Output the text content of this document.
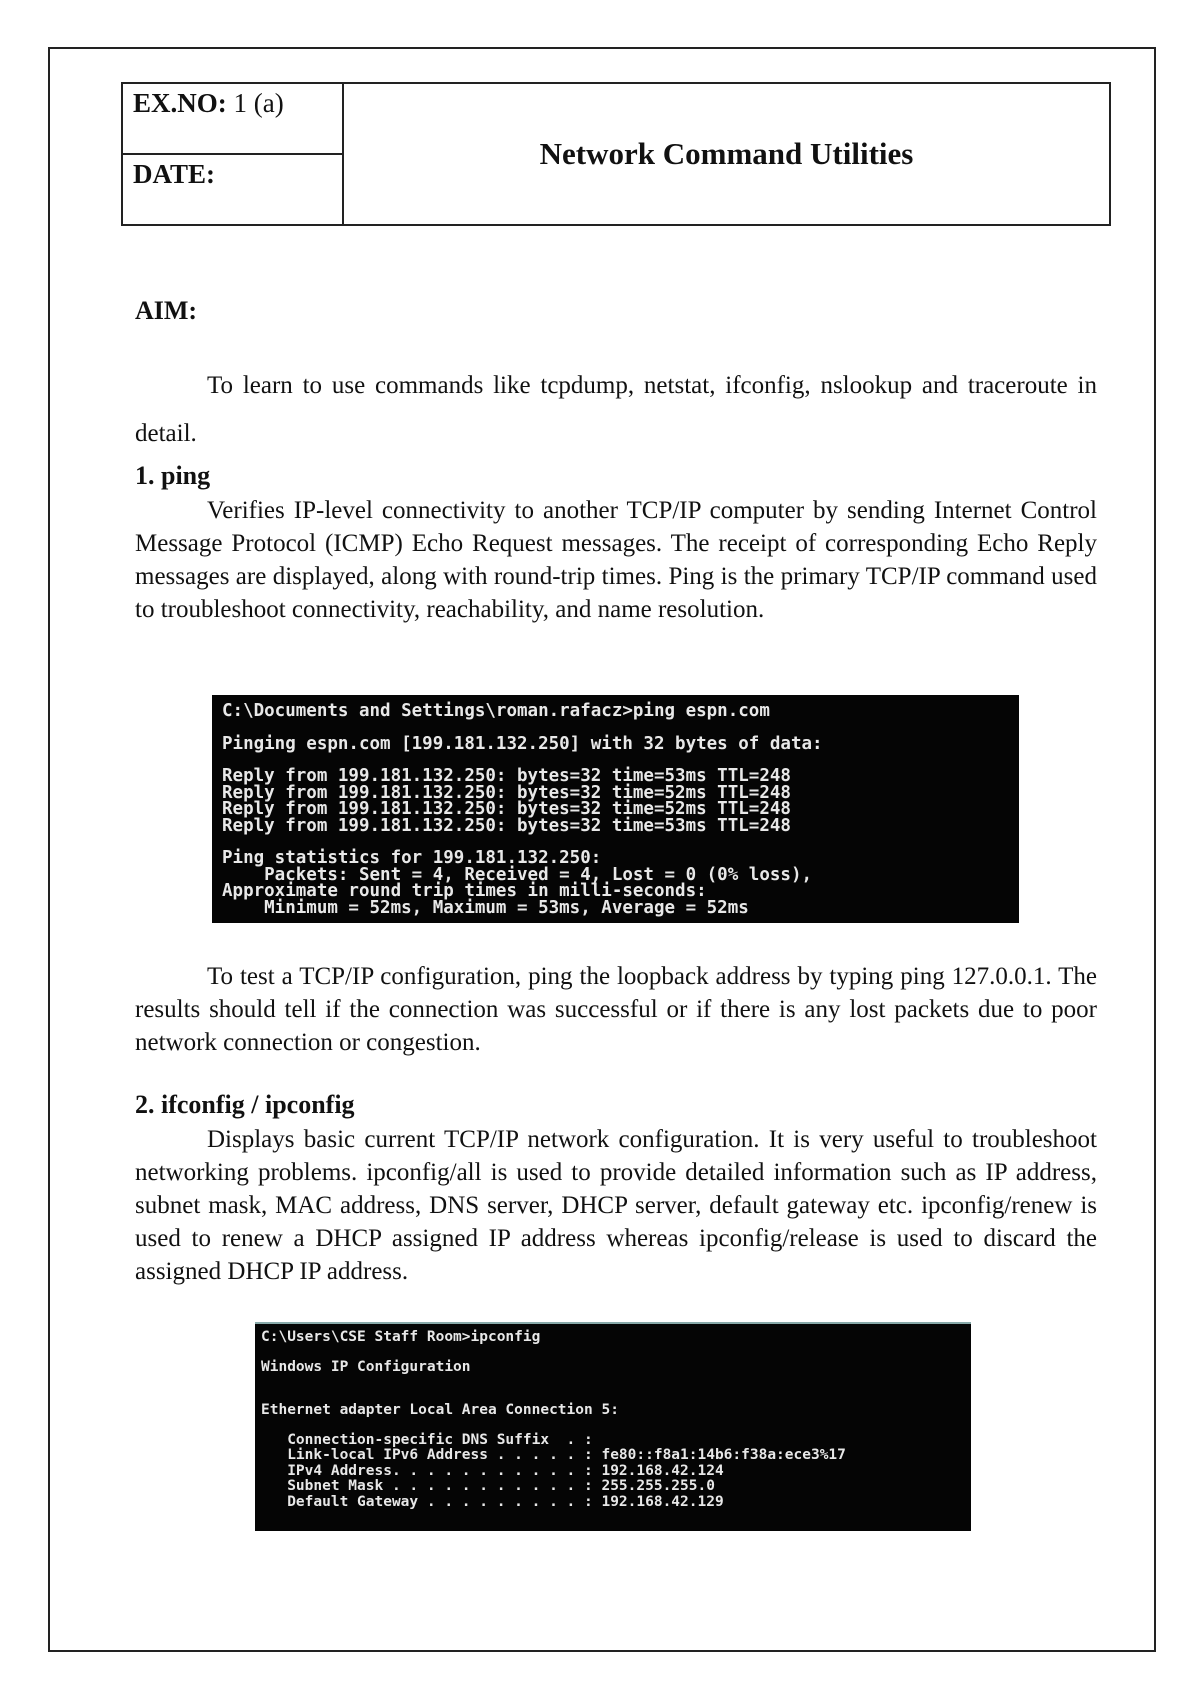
EX.NO: 1 (a)
DATE:
Network Command Utilities
AIM:

To learn to use commands like tcpdump, netstat, ifconfig, nslookup and traceroute in detail.

1. ping

Verifies IP-level connectivity to another TCP/IP computer by sending Internet Control Message Protocol (ICMP) Echo Request messages. The receipt of corresponding Echo Reply messages are displayed, along with round-trip times. Ping is the primary TCP/IP command used to troubleshoot connectivity, reachability, and name resolution.

C:\Documents and Settings\roman.rafacz>ping espn.com
Pinging espn.com [199.181.132.250] with 32 bytes of data:
Reply from 199.181.132.250: bytes=32 time=53ms TTL=248
Reply from 199.181.132.250: bytes=32 time=52ms TTL=248
Reply from 199.181.132.250: bytes=32 time=52ms TTL=248
Reply from 199.181.132.250: bytes=32 time=53ms TTL=248
Ping statistics for 199.181.132.250:
Packets: Sent = 4, Received = 4, Lost = 0 (0% loss),
Approximate round trip times in milli-seconds:
Minimum = 52ms, Maximum = 53ms, Average = 52ms

To test a TCP/IP configuration, ping the loopback address by typing ping 127.0.0.1. The results should tell if the connection was successful or if there is any lost packets due to poor network connection or congestion.

2. ifconfig / ipconfig

Displays basic current TCP/IP network configuration. It is very useful to troubleshoot networking problems. ipconfig/all is used to provide detailed information such as IP address, subnet mask, MAC address, DNS server, DHCP server, default gateway etc. ipconfig/renew is used to renew a DHCP assigned IP address whereas ipconfig/release is used to discard the assigned DHCP IP address.

C:\Users\CSE Staff Room>ipconfig
Windows IP Configuration
Ethernet adapter Local Area Connection 5:
Connection-specific DNS Suffix  . :
Link-local IPv6 Address . . . . . : fe80::f8a1:14b6:f38a:ece3%17
IPv4 Address. . . . . . . . . . . : 192.168.42.124
Subnet Mask . . . . . . . . . . . : 255.255.255.0
Default Gateway . . . . . . . . . : 192.168.42.129
